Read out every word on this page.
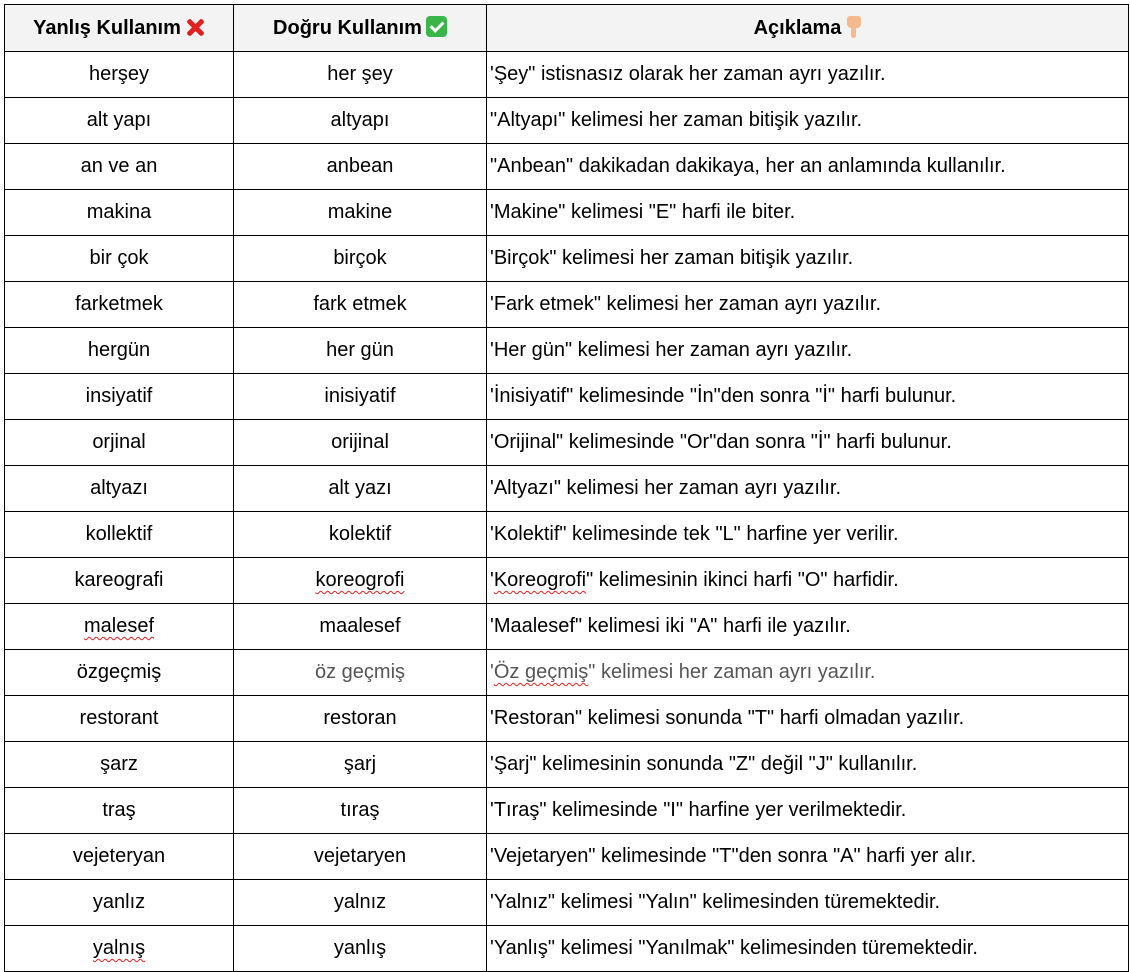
Yanlış Kullanım	Doğru Kullanım	Açıklama
herşey	her şey	'Şey" istisnasız olarak her zaman ayrı yazılır.
alt yapı	altyapı	"Altyapı" kelimesi her zaman bitişik yazılır.
an ve an	anbean	"Anbean" dakikadan dakikaya, her an anlamında kullanılır.
makina	makine	'Makine" kelimesi "E" harfi ile biter.
bir çok	birçok	'Birçok" kelimesi her zaman bitişik yazılır.
farketmek	fark etmek	'Fark etmek" kelimesi her zaman ayrı yazılır.
hergün	her gün	'Her gün" kelimesi her zaman ayrı yazılır.
insiyatif	inisiyatif	'İnisiyatif" kelimesinde "İn"den sonra "İ" harfi bulunur.
orjinal	orijinal	'Orijinal" kelimesinde "Or"dan sonra "İ" harfi bulunur.
altyazı	alt yazı	'Altyazı" kelimesi her zaman ayrı yazılır.
kollektif	kolektif	'Kolektif" kelimesinde tek "L" harfine yer verilir.
kareografi	koreogrofi	'Koreogrofi" kelimesinin ikinci harfi "O" harfidir.
malesef	maalesef	'Maalesef" kelimesi iki "A" harfi ile yazılır.
özgeçmiş	öz geçmiş	'Öz geçmiş" kelimesi her zaman ayrı yazılır.
restorant	restoran	'Restoran" kelimesi sonunda "T" harfi olmadan yazılır.
şarz	şarj	'Şarj" kelimesinin sonunda "Z" değil "J" kullanılır.
traş	tıraş	'Tıraş" kelimesinde "I" harfine yer verilmektedir.
vejeteryan	vejetaryen	'Vejetaryen" kelimesinde "T"den sonra "A" harfi yer alır.
yanlız	yalnız	'Yalnız" kelimesi "Yalın" kelimesinden türemektedir.
yalnış	yanlış	'Yanlış" kelimesi "Yanılmak" kelimesinden türemektedir.
